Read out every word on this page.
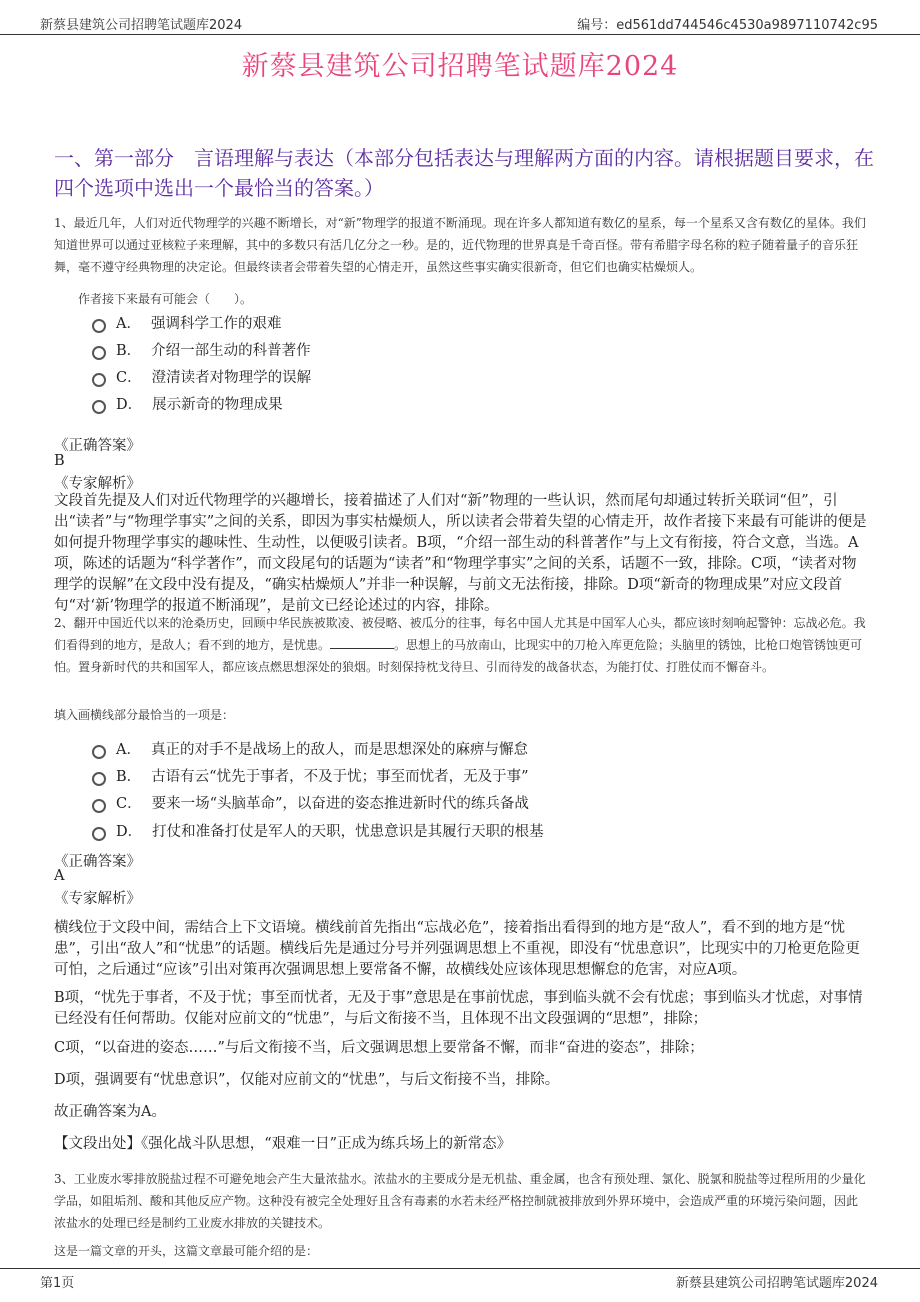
新蔡县建筑公司招聘笔试题库2024	编号：ed561dd744546c4530a9897110742c95
新蔡县建筑公司招聘笔试题库2024
一、第一部分　言语理解与表达（本部分包括表达与理解两方面的内容。请根据题目要求，在四个选项中选出一个最恰当的答案。）
1、最近几年，人们对近代物理学的兴趣不断增长，对“新”物理学的报道不断涌现。现在许多人都知道有数亿的星系，每一个星系又含有数亿的星体。我们知道世界可以通过亚核粒子来理解，其中的多数只有活几亿分之一秒。是的，近代物理的世界真是千奇百怪。带有希腊字母名称的粒子随着量子的音乐狂舞，毫不遵守经典物理的决定论。但最终读者会带着失望的心情走开，虽然这些事实确实很新奇，但它们也确实枯燥烦人。
作者接下来最有可能会（　　）。
A． 强调科学工作的艰难
B． 介绍一部生动的科普著作
C． 澄清读者对物理学的误解
D． 展示新奇的物理成果
《正确答案》
B
《专家解析》
文段首先提及人们对近代物理学的兴趣增长，接着描述了人们对“新”物理的一些认识，然而尾句却通过转折关联词“但”，引出“读者”与“物理学事实”之间的关系，即因为事实枯燥烦人，所以读者会带着失望的心情走开，故作者接下来最有可能讲的便是如何提升物理学事实的趣味性、生动性，以便吸引读者。B项，“介绍一部生动的科普著作”与上文有衔接，符合文意，当选。A项，陈述的话题为“科学著作”，而文段尾句的话题为“读者”和“物理学事实”之间的关系，话题不一致，排除。C项，“读者对物理学的误解”在文段中没有提及，“确实枯燥烦人”并非一种误解，与前文无法衔接，排除。D项“新奇的物理成果”对应文段首句“对‘新’物理学的报道不断涌现”，是前文已经论述过的内容，排除。
2、翻开中国近代以来的沧桑历史，回顾中华民族被欺凌、被侵略、被瓜分的往事，每名中国人尤其是中国军人心头，都应该时刻响起警钟：忘战必危。我们看得到的地方，是敌人；看不到的地方，是忧患。	。思想上的马放南山，比现实中的刀枪入库更危险；头脑里的锈蚀，比枪口炮管锈蚀更可怕。置身新时代的共和国军人，都应该点燃思想深处的狼烟。时刻保持枕戈待旦、引而待发的战备状态，为能打仗、打胜仗而不懈奋斗。
填入画横线部分最恰当的一项是：
A． 真正的对手不是战场上的敌人，而是思想深处的麻痹与懈怠
B． 古语有云“忧先于事者，不及于忧；事至而忧者，无及于事”
C． 要来一场“头脑革命”，以奋进的姿态推进新时代的练兵备战
D． 打仗和准备打仗是军人的天职，忧患意识是其履行天职的根基
《正确答案》
A
《专家解析》
横线位于文段中间，需结合上下文语境。横线前首先指出“忘战必危”，接着指出看得到的地方是“敌人”，看不到的地方是“忧患”，引出“敌人”和“忧患”的话题。横线后先是通过分号并列强调思想上不重视，即没有“忧患意识”，比现实中的刀枪更危险更可怕，之后通过“应该”引出对策再次强调思想上要常备不懈，故横线处应该体现思想懈怠的危害，对应A项。
B项，“忧先于事者，不及于忧；事至而忧者，无及于事”意思是在事前忧虑，事到临头就不会有忧虑；事到临头才忧虑，对事情已经没有任何帮助。仅能对应前文的“忧患”，与后文衔接不当，且体现不出文段强调的“思想”，排除；
C项，“以奋进的姿态……”与后文衔接不当，后文强调思想上要常备不懈，而非“奋进的姿态”，排除；
D项，强调要有“忧患意识”，仅能对应前文的“忧患”，与后文衔接不当，排除。
故正确答案为A。
【文段出处】《强化战斗队思想，“艰难一日”正成为练兵场上的新常态》
3、工业废水零排放脱盐过程不可避免地会产生大量浓盐水。浓盐水的主要成分是无机盐、重金属，也含有预处理、氯化、脱氯和脱盐等过程所用的少量化学品，如阻垢剂、酸和其他反应产物。这种没有被完全处理好且含有毒素的水若未经严格控制就被排放到外界环境中，会造成严重的环境污染问题，因此浓盐水的处理已经是制约工业废水排放的关键技术。
这是一篇文章的开头，这篇文章最可能介绍的是：
第1页	新蔡县建筑公司招聘笔试题库2024
